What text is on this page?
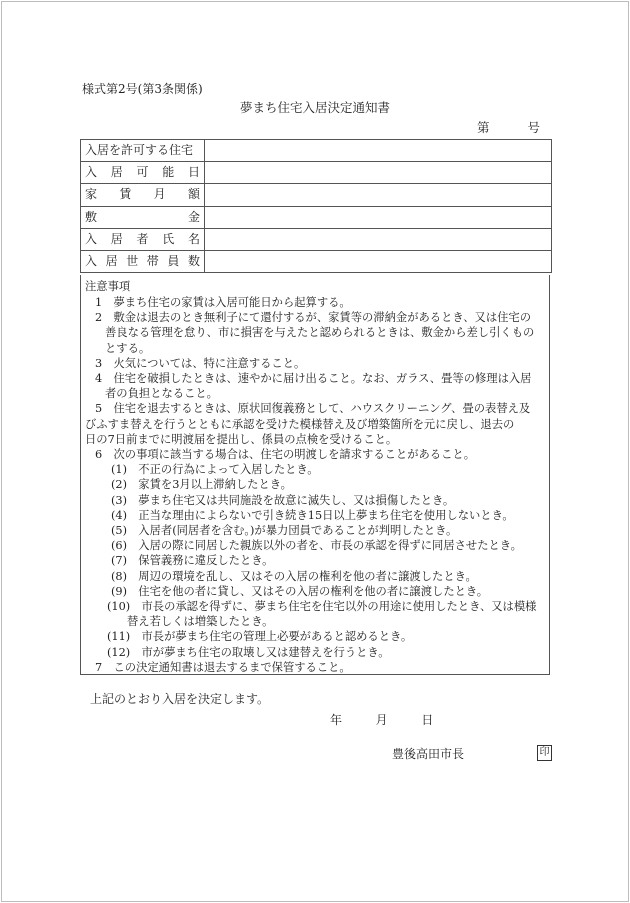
様式第2号(第3条関係)
夢まち住宅入居決定通知書
第	号
入居を許可する住宅
入 居 可 能 日
家 賃 月 額
敷	金
入 居 者 氏 名
入 居 世 帯 員 数
注意事項
1　夢まち住宅の家賃は入居可能日から起算する。
2　敷金は退去のとき無利子にて還付するが、家賃等の滞納金があるとき、又は住宅の
善良なる管理を怠り、市に損害を与えたと認められるときは、敷金から差し引くもの
とする。
3　火気については、特に注意すること。
4　住宅を破損したときは、速やかに届け出ること。なお、ガラス、畳等の修理は入居
者の負担となること。
5　住宅を退去するときは、原状回復義務として、ハウスクリーニング、畳の表替え及
びふすま替えを行うとともに承認を受けた模様替え及び増築箇所を元に戻し、退去の
日の7日前までに明渡届を提出し、係員の点検を受けること。
6　次の事項に該当する場合は、住宅の明渡しを請求することがあること。
(1)　不正の行為によって入居したとき。
(2)　家賃を3月以上滞納したとき。
(3)　夢まち住宅又は共同施設を故意に滅失し、又は損傷したとき。
(4)　正当な理由によらないで引き続き15日以上夢まち住宅を使用しないとき。
(5)　入居者(同居者を含む。)が暴力団員であることが判明したとき。
(6)　入居の際に同居した親族以外の者を、市長の承認を得ずに同居させたとき。
(7)　保管義務に違反したとき。
(8)　周辺の環境を乱し、又はその入居の権利を他の者に譲渡したとき。
(9)　住宅を他の者に貸し、又はその入居の権利を他の者に譲渡したとき。
(10)　市長の承認を得ずに、夢まち住宅を住宅以外の用途に使用したとき、又は模様
替え若しくは増築したとき。
(11)　市長が夢まち住宅の管理上必要があると認めるとき。
(12)　市が夢まち住宅の取壊し又は建替えを行うとき。
7　この決定通知書は退去するまで保管すること。
上記のとおり入居を決定します。
年	月	日
豊後高田市長	印
